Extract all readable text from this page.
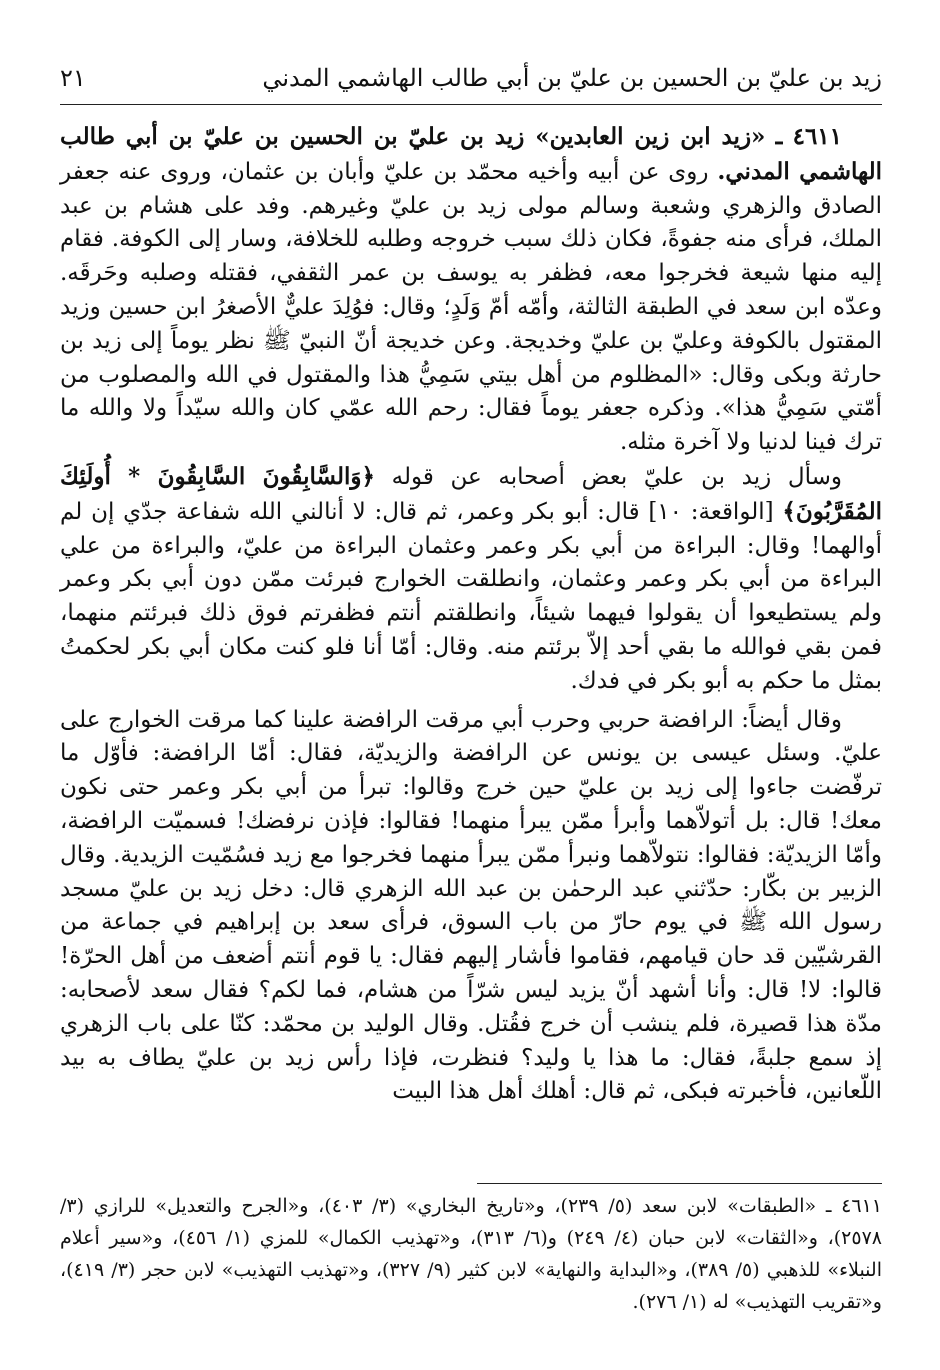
زيد بن عليّ بن الحسين بن عليّ بن أبي طالب الهاشمي المدني
٢١

٤٦١١ ـ «زيد ابن زين العابدين» زيد بن عليّ بن الحسين بن عليّ بن أبي طالب الهاشمي المدني. روى عن أبيه وأخيه محمّد بن عليّ وأبان بن عثمان، وروى عنه جعفر الصادق والزهري وشعبة وسالم مولى زيد بن عليّ وغيرهم. وفد على هشام بن عبد الملك، فرأى منه جفوةً، فكان ذلك سبب خروجه وطلبه للخلافة، وسار إلى الكوفة. فقام إليه منها شيعة فخرجوا معه، فظفر به يوسف بن عمر الثقفي، فقتله وصلبه وحَرقَه. وعدّه ابن سعد في الطبقة الثالثة، وأمّه أمّ وَلَدٍ؛ وقال: فوُلِدَ عليٌّ الأصغرُ ابن حسين وزيد المقتول بالكوفة وعليّ بن عليّ وخديجة. وعن خديجة أنّ النبيّ ﷺ نظر يوماً إلى زيد بن حارثة وبكى وقال: «المظلوم من أهل بيتي سَمِيُّ هذا والمقتول في الله والمصلوب من أمّتي سَمِيُّ هذا». وذكره جعفر يوماً فقال: رحم الله عمّي كان والله سيّداً ولا والله ما ترك فينا لدنيا ولا آخرة مثله.

وسأل زيد بن عليّ بعض أصحابه عن قوله ﴿وَالسَّابِقُونَ السَّابِقُونَ * أُولَئِكَ المُقَرَّبُونَ﴾ [الواقعة: ١٠] قال: أبو بكر وعمر، ثم قال: لا أنالني الله شفاعة جدّي إن لم أوالهما! وقال: البراءة من أبي بكر وعمر وعثمان البراءة من عليّ، والبراءة من علي البراءة من أبي بكر وعمر وعثمان، وانطلقت الخوارج فبرئت ممّن دون أبي بكر وعمر ولم يستطيعوا أن يقولوا فيهما شيئاً، وانطلقتم أنتم فظفرتم فوق ذلك فبرئتم منهما، فمن بقي فوالله ما بقي أحد إلاّ برئتم منه. وقال: أمّا أنا فلو كنت مكان أبي بكر لحكمتُ بمثل ما حكم به أبو بكر في فدك.

وقال أيضاً: الرافضة حربي وحرب أبي مرقت الرافضة علينا كما مرقت الخوارج على عليّ. وسئل عيسى بن يونس عن الرافضة والزيديّة، فقال: أمّا الرافضة: فأوّل ما ترفّضت جاءوا إلى زيد بن عليّ حين خرج وقالوا: تبرأ من أبي بكر وعمر حتى نكون معك! قال: بل أتولاّهما وأبرأ ممّن يبرأ منهما! فقالوا: فإذن نرفضك! فسميّت الرافضة، وأمّا الزيديّة: فقالوا: نتولاّهما ونبرأ ممّن يبرأ منهما فخرجوا مع زيد فسُمّيت الزيدية. وقال الزبير بن بكّار: حدّثني عبد الرحمٰن بن عبد الله الزهري قال: دخل زيد بن عليّ مسجد رسول الله ﷺ في يوم حارّ من باب السوق، فرأى سعد بن إبراهيم في جماعة من القرشيّين قد حان قيامهم، فقاموا فأشار إليهم فقال: يا قوم أنتم أضعف من أهل الحرّة! قالوا: لا! قال: وأنا أشهد أنّ يزيد ليس شرّاً من هشام، فما لكم؟ فقال سعد لأصحابه: مدّة هذا قصيرة، فلم ينشب أن خرج فقُتل. وقال الوليد بن محمّد: كنّا على باب الزهري إذ سمع جلبةً، فقال: ما هذا يا وليد؟ فنظرت، فإذا رأس زيد بن عليّ يطاف به بيد اللّعانين، فأخبرته فبكى، ثم قال: أهلك أهل هذا البيت

٤٦١١ ـ «الطبقات» لابن سعد (٥/ ٢٣٩)، و«تاريخ البخاري» (٣/ ٤٠٣)، و«الجرح والتعديل» للرازي (٣/ ٢٥٧٨)، و«الثقات» لابن حبان (٤/ ٢٤٩) و(٦/ ٣١٣)، و«تهذيب الكمال» للمزي (١/ ٤٥٦)، و«سير أعلام النبلاء» للذهبي (٥/ ٣٨٩)، و«البداية والنهاية» لابن كثير (٩/ ٣٢٧)، و«تهذيب التهذيب» لابن حجر (٣/ ٤١٩)، و«تقريب التهذيب» له (١/ ٢٧٦).
